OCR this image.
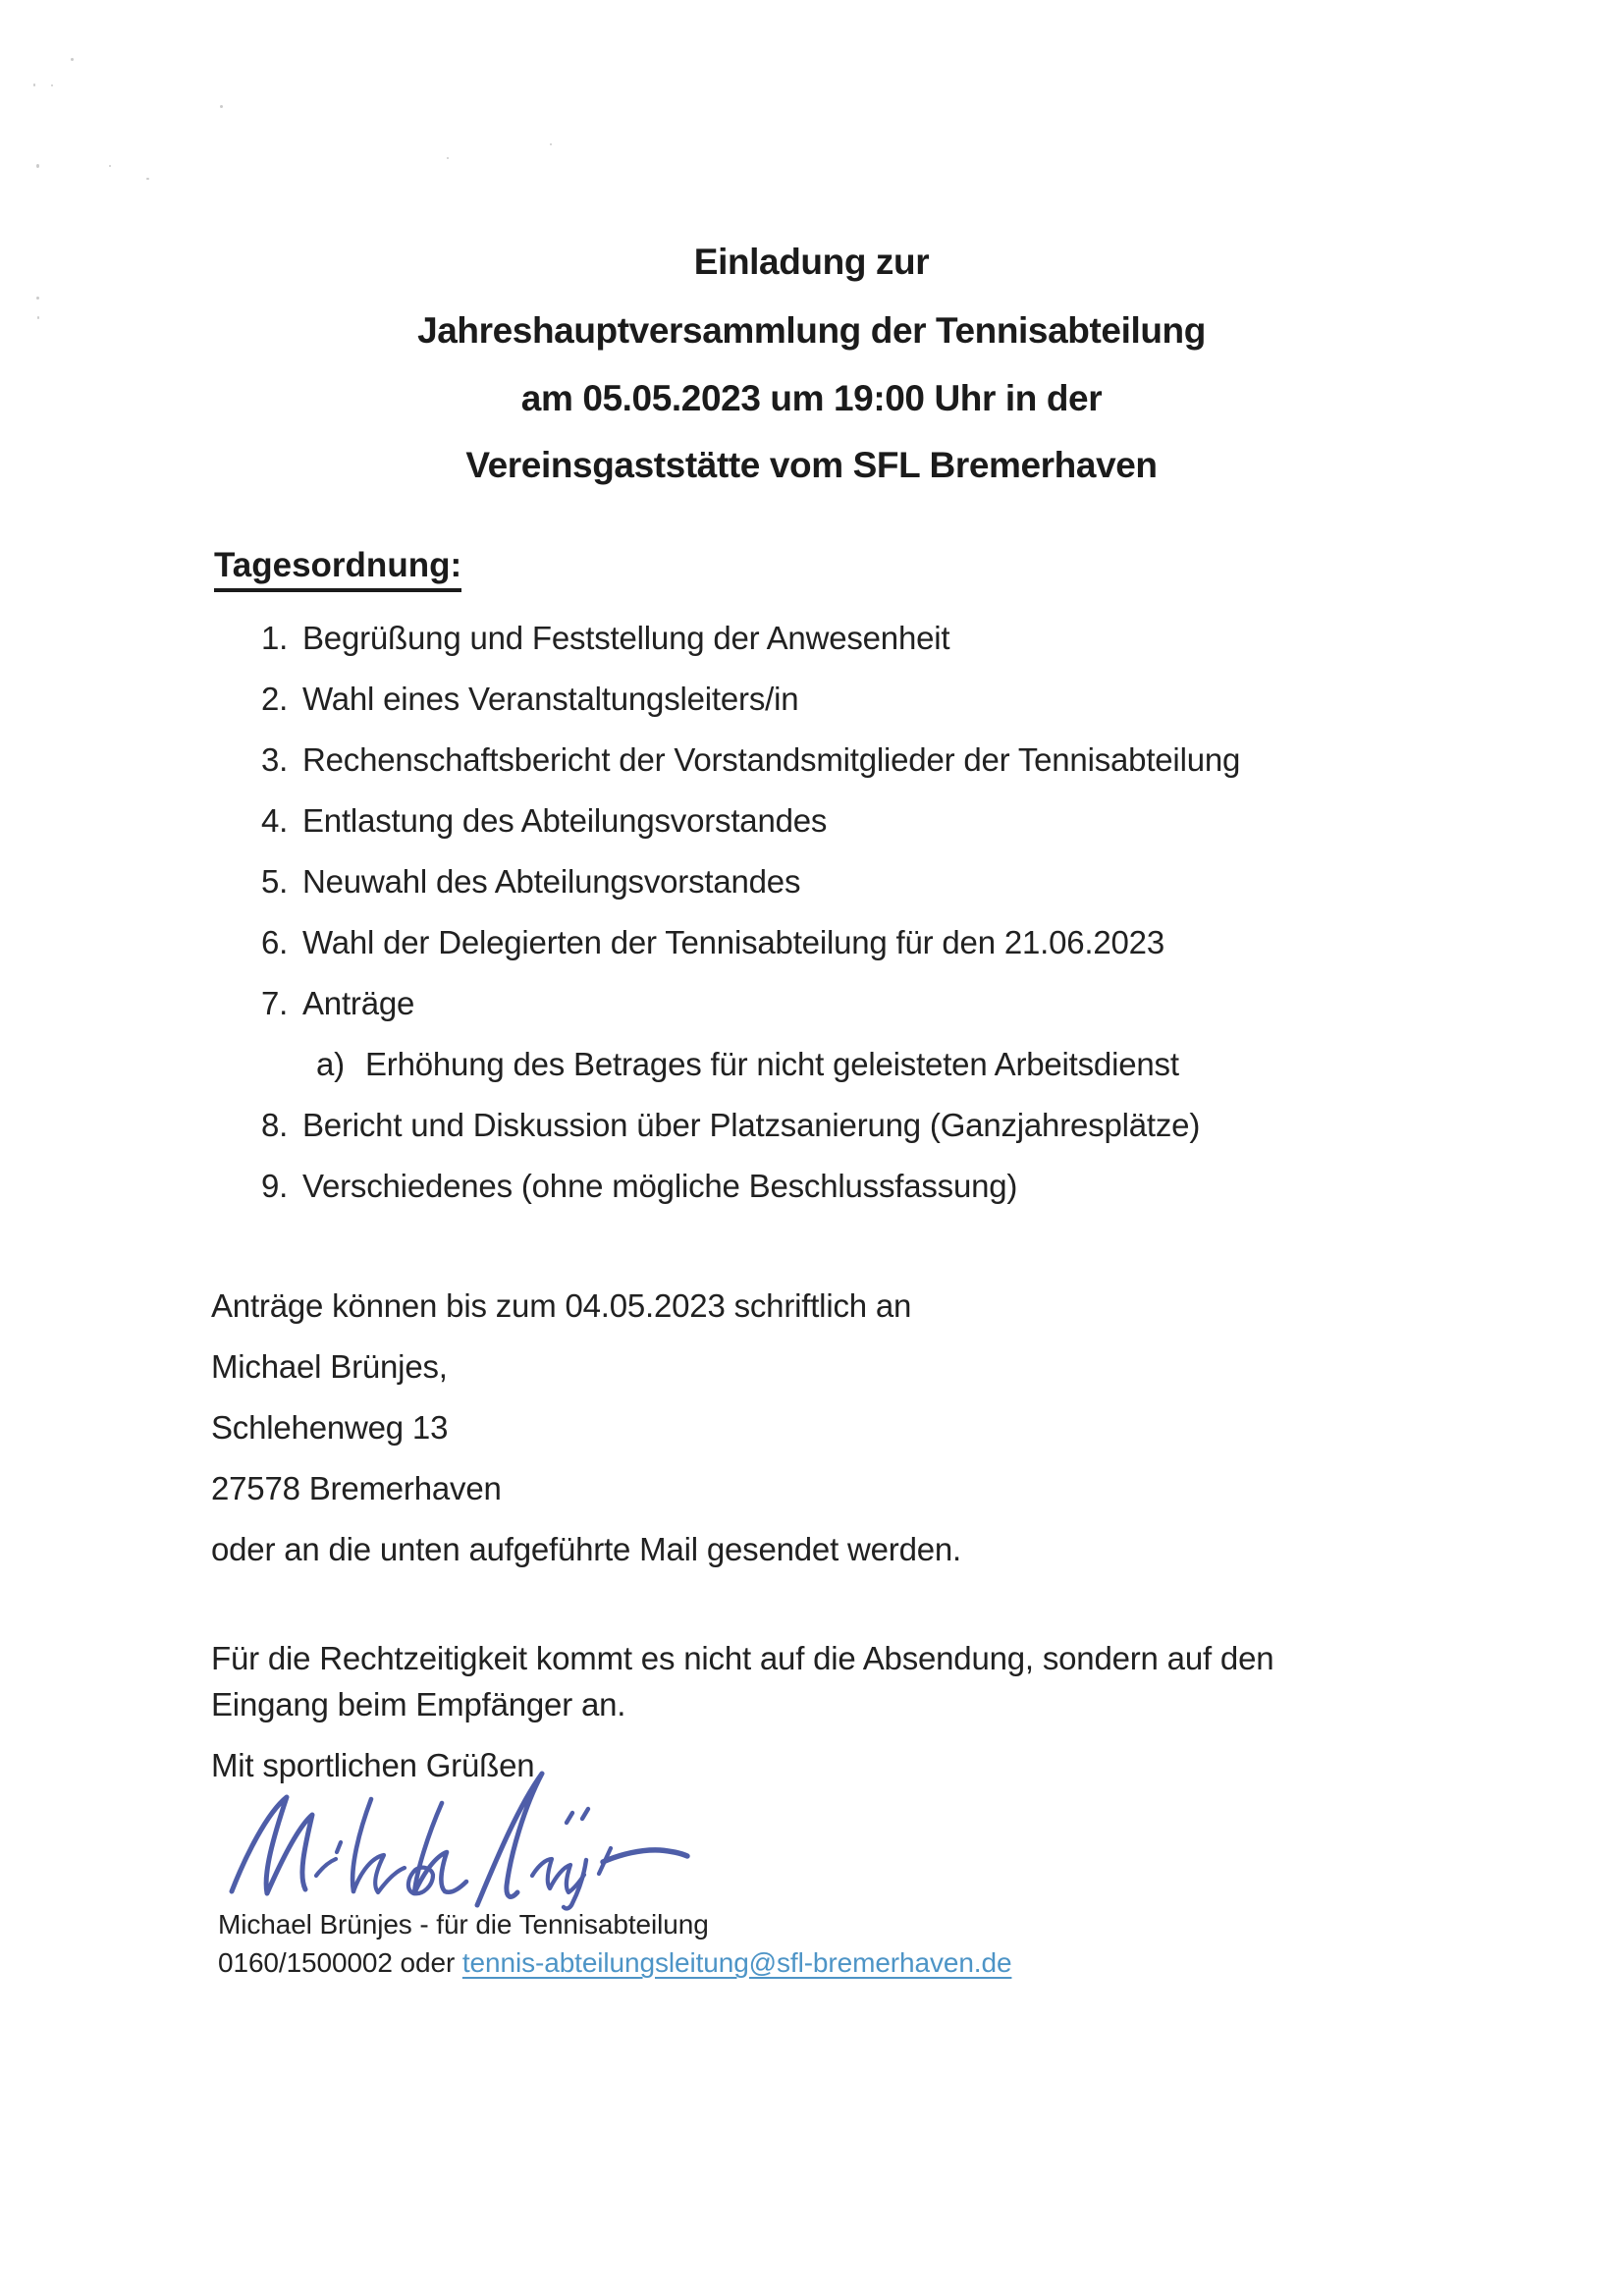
Einladung zur
Jahreshauptversammlung der Tennisabteilung
am 05.05.2023 um 19:00 Uhr in der
Vereinsgaststätte vom SFL Bremerhaven
Tagesordnung:
1. Begrüßung und Feststellung der Anwesenheit
2. Wahl eines Veranstaltungsleiters/in
3. Rechenschaftsbericht der Vorstandsmitglieder der Tennisabteilung
4. Entlastung des Abteilungsvorstandes
5. Neuwahl des Abteilungsvorstandes
6. Wahl der Delegierten der Tennisabteilung für den 21.06.2023
7. Anträge
a) Erhöhung des Betrages für nicht geleisteten Arbeitsdienst
8. Bericht und Diskussion über Platzsanierung (Ganzjahresplätze)
9. Verschiedenes (ohne mögliche Beschlussfassung)
Anträge können bis zum 04.05.2023 schriftlich an
Michael Brünjes,
Schlehenweg 13
27578 Bremerhaven
oder an die unten aufgeführte Mail gesendet werden.
Für die Rechtzeitigkeit kommt es nicht auf die Absendung, sondern auf den
Eingang beim Empfänger an.
Mit sportlichen Grüßen
Michael Brünjes - für die Tennisabteilung
0160/1500002 oder tennis-abteilungsleitung@sfl-bremerhaven.de
